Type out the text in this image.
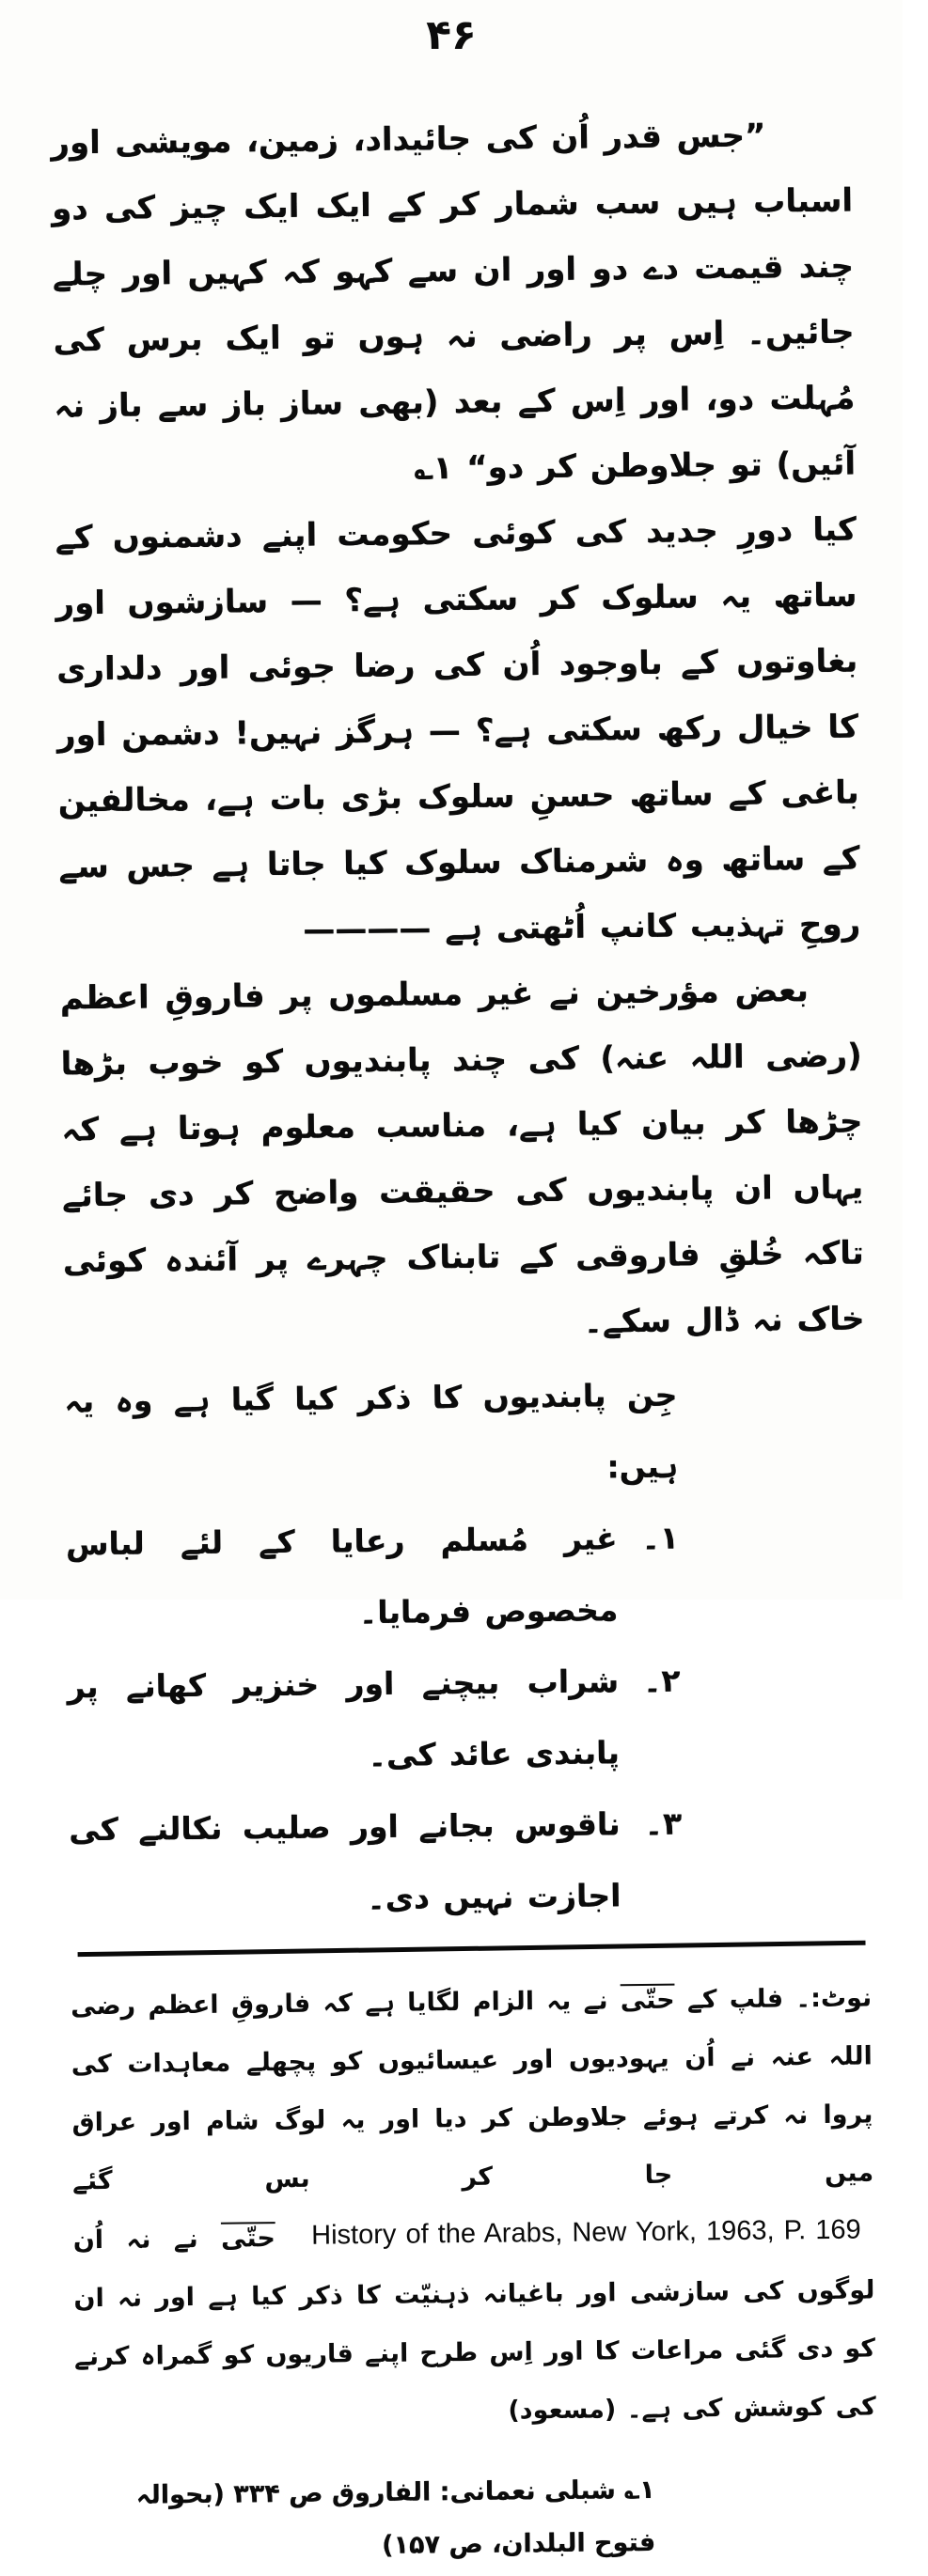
۴۶

”جس قدر اُن کی جائیداد، زمین، مویشی اور اسباب ہیں سب شمار کر کے ایک ایک چیز کی دو چند قیمت دے دو اور ان سے کہو کہ کہیں اور چلے جائیں۔ اِس پر راضی نہ ہوں تو ایک برس کی مُہلت دو، اور اِس کے بعد (بھی ساز باز سے باز نہ آئیں) تو جلاوطن کر دو“ ۱؎

کیا دورِ جدید کی کوئی حکومت اپنے دشمنوں کے ساتھ یہ سلوک کر سکتی ہے؟ — سازشوں اور بغاوتوں کے باوجود اُن کی رضا جوئی اور دلداری کا خیال رکھ سکتی ہے؟ — ہرگز نہیں! دشمن اور باغی کے ساتھ حسنِ سلوک بڑی بات ہے، مخالفین کے ساتھ وہ شرمناک سلوک کیا جاتا ہے جس سے روحِ تہذیب کانپ اُٹھتی ہے ————

بعض مؤرخین نے غیر مسلموں پر فاروقِ اعظم (رضی اللہ عنہ) کی چند پابندیوں کو خوب بڑھا چڑھا کر بیان کیا ہے، مناسب معلوم ہوتا ہے کہ یہاں ان پابندیوں کی حقیقت واضح کر دی جائے تاکہ خُلقِ فاروقی کے تابناک چہرے پر آئندہ کوئی خاک نہ ڈال سکے۔

جِن پابندیوں کا ذکر کیا گیا ہے وہ یہ ہیں:

۱۔
غیر مُسلم رعایا کے لئے لباس مخصوص فرمایا۔
۲۔
شراب بیچنے اور خنزیر کھانے پر پابندی عائد کی۔
۳۔
ناقوس بجانے اور صلیب نکالنے کی اجازت نہیں دی۔

نوٹ:۔ فلپ کے حتّی نے یہ الزام لگایا ہے کہ فاروقِ اعظم رضی اللہ عنہ نے اُن یہودیوں اور عیسائیوں کو پچھلے معاہدات کی پروا نہ کرتے ہوئے جلاوطن کر دیا اور یہ لوگ شام اور عراق میں جا کر بس گئے History of the Arabs, New York, 1963, P. 169 حتّی نے نہ اُن لوگوں کی سازشی اور باغیانہ ذہنیّت کا ذکر کیا ہے اور نہ ان کو دی گئی مراعات کا اور اِس طرح اپنے قاریوں کو گمراہ کرنے کی کوشش کی ہے۔ (مسعود)

۱؎ شبلی نعمانی: الفاروق ص ۳۳۴ (بحوالہ فتوح البلدان، ص ۱۵۷)
